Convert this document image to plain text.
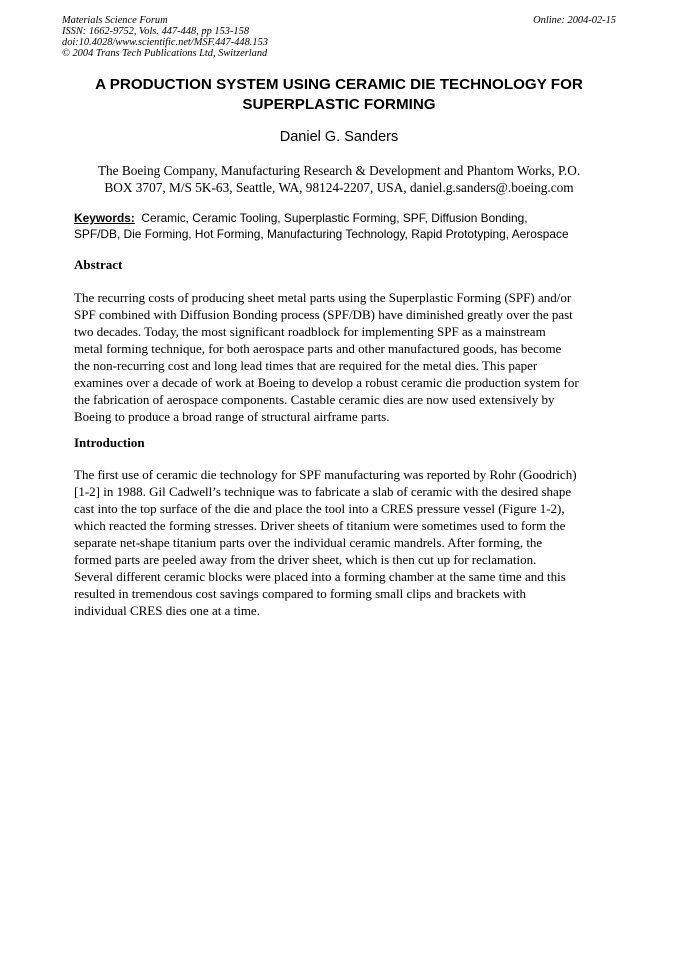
Materials Science Forum
ISSN: 1662-9752, Vols. 447-448, pp 153-158
doi:10.4028/www.scientific.net/MSF.447-448.153
© 2004 Trans Tech Publications Ltd, Switzerland
Online: 2004-02-15
A PRODUCTION SYSTEM USING CERAMIC DIE TECHNOLOGY FOR
SUPERPLASTIC FORMING
Daniel G. Sanders
The Boeing Company, Manufacturing Research & Development and Phantom Works, P.O.
BOX 3707, M/S 5K-63, Seattle, WA, 98124-2207, USA, daniel.g.sanders@.boeing.com
Keywords: Ceramic, Ceramic Tooling, Superplastic Forming, SPF, Diffusion Bonding,
SPF/DB, Die Forming, Hot Forming, Manufacturing Technology, Rapid Prototyping, Aerospace
Abstract
The recurring costs of producing sheet metal parts using the Superplastic Forming (SPF) and/or
SPF combined with Diffusion Bonding process (SPF/DB) have diminished greatly over the past
two decades. Today, the most significant roadblock for implementing SPF as a mainstream
metal forming technique, for both aerospace parts and other manufactured goods, has become
the non-recurring cost and long lead times that are required for the metal dies. This paper
examines over a decade of work at Boeing to develop a robust ceramic die production system for
the fabrication of aerospace components. Castable ceramic dies are now used extensively by
Boeing to produce a broad range of structural airframe parts.
Introduction
The first use of ceramic die technology for SPF manufacturing was reported by Rohr (Goodrich)
[1-2] in 1988. Gil Cadwell’s technique was to fabricate a slab of ceramic with the desired shape
cast into the top surface of the die and place the tool into a CRES pressure vessel (Figure 1-2),
which reacted the forming stresses. Driver sheets of titanium were sometimes used to form the
separate net-shape titanium parts over the individual ceramic mandrels. After forming, the
formed parts are peeled away from the driver sheet, which is then cut up for reclamation.
Several different ceramic blocks were placed into a forming chamber at the same time and this
resulted in tremendous cost savings compared to forming small clips and brackets with
individual CRES dies one at a time.
